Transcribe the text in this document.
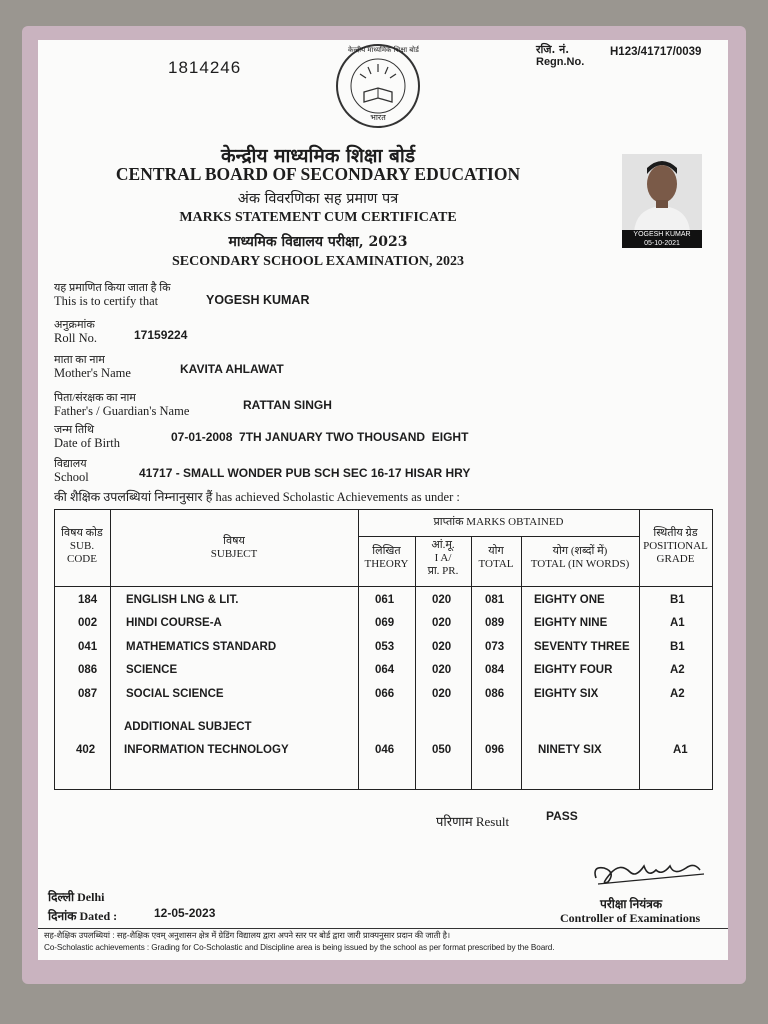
1814246
केन्द्रीय माध्यमिक शिक्षा बोर्ड
भारत
रजि. नं.
Regn.No.
H123/41717/0039
केन्द्रीय माध्यमिक शिक्षा बोर्ड
CENTRAL BOARD OF SECONDARY EDUCATION
अंक विवरणिका सह प्रमाण पत्र
MARKS STATEMENT CUM CERTIFICATE
माध्यमिक विद्यालय परीक्षा, 2023
SECONDARY SCHOOL EXAMINATION, 2023
YOGESH KUMAR
05-10-2021
यह प्रमाणित किया जाता है कि
This is to certify that	YOGESH KUMAR
अनुक्रमांक
Roll No.	17159224
माता का नाम
Mother's Name	KAVITA AHLAWAT
पिता/संरक्षक का नाम
Father's / Guardian's Name	RATTAN SINGH
जन्म तिथि
Date of Birth	07-01-2008  7TH JANUARY TWO THOUSAND  EIGHT
विद्यालय
School	41717 - SMALL WONDER PUB SCH SEC 16-17 HISAR HRY
की शैक्षिक उपलब्धियां निम्नानुसार हैं has achieved Scholastic Achievements as under :
विषय कोड
SUB.
CODE
विषय
SUBJECT
प्राप्तांक MARKS OBTAINED
लिखित
THEORY
आं.मू.
I A/
प्रा. PR.
योग
TOTAL
योग (शब्दों में)
TOTAL (IN WORDS)
स्थितीय ग्रेड
POSITIONAL
GRADE
184	ENGLISH LNG & LIT.	061	020	081	EIGHTY ONE	B1
002	HINDI COURSE-A	069	020	089	EIGHTY NINE	A1
041	MATHEMATICS STANDARD	053	020	073	SEVENTY THREE	B1
086	SCIENCE	064	020	084	EIGHTY FOUR	A2
087	SOCIAL SCIENCE	066	020	086	EIGHTY SIX	A2
ADDITIONAL SUBJECT
402	INFORMATION TECHNOLOGY	046	050	096	NINETY SIX	A1
परिणाम Result	PASS
दिल्ली Delhi
दिनांक Dated :	12-05-2023
परीक्षा नियंत्रक
Controller of Examinations
सह-शैक्षिक उपलब्धियां : सह-शैक्षिक एवम् अनुशासन क्षेत्र में ग्रेडिंग विद्यालय द्वारा अपने स्तर पर बोर्ड द्वारा जारी प्राक्पनुसार प्रदान की जाती है।
Co-Scholastic achievements : Grading for Co-Scholastic and Discipline area is being issued by the school as per format prescribed by the Board.
